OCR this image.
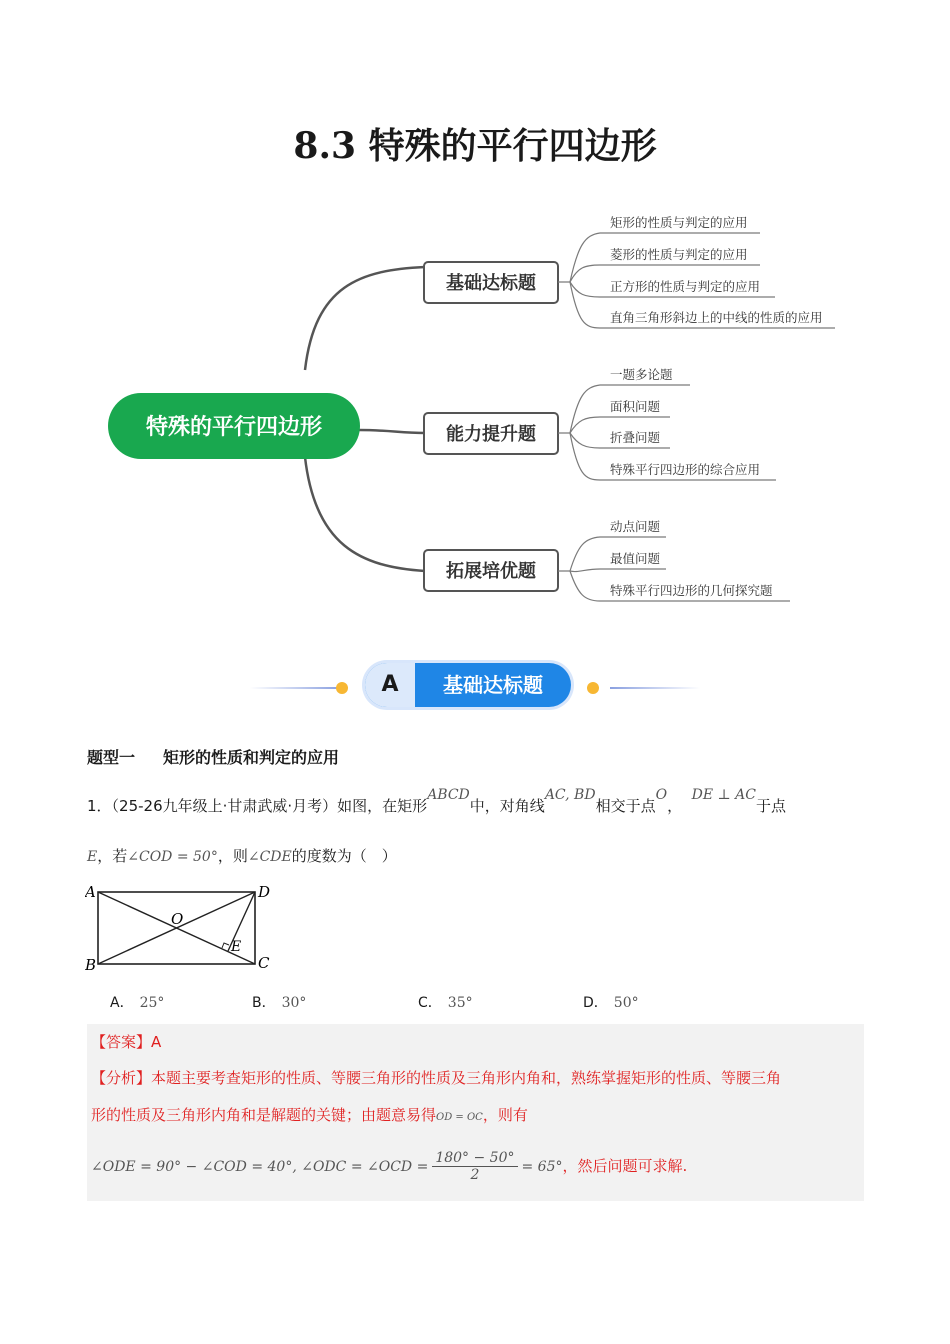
8.3 特殊的平行四边形
特殊的平行四边形
基础达标题
能力提升题
拓展培优题
矩形的性质与判定的应用
菱形的性质与判定的应用
正方形的性质与判定的应用
直角三角形斜边上的中线的性质的应用
一题多论题
面积问题
折叠问题
特殊平行四边形的综合应用
动点问题
最值问题
特殊平行四边形的几何探究题
A	基础达标题
题型一 矩形的性质和判定的应用
1．（25-26九年级上·甘肃武威·月考）如图，在矩形ABCD中，对角线AC, BD相交于点O，  DE ⊥ AC于点
E，若∠COD = 50°，则∠CDE的度数为（　）
A
B	C
D
O
E
A． 25°	B． 30°	C． 35°	D． 50°
【答案】A
【分析】本题主要考查矩形的性质、等腰三角形的性质及三角形内角和，熟练掌握矩形的性质、等腰三角
形的性质及三角形内角和是解题的关键；由题意易得OD = OC，则有
∠ODE = 90° − ∠COD = 40°, ∠ODC = ∠OCD = $\frac{180^\circ - 50^\circ}{2} = 65^\circ$，然后问题可求解.
